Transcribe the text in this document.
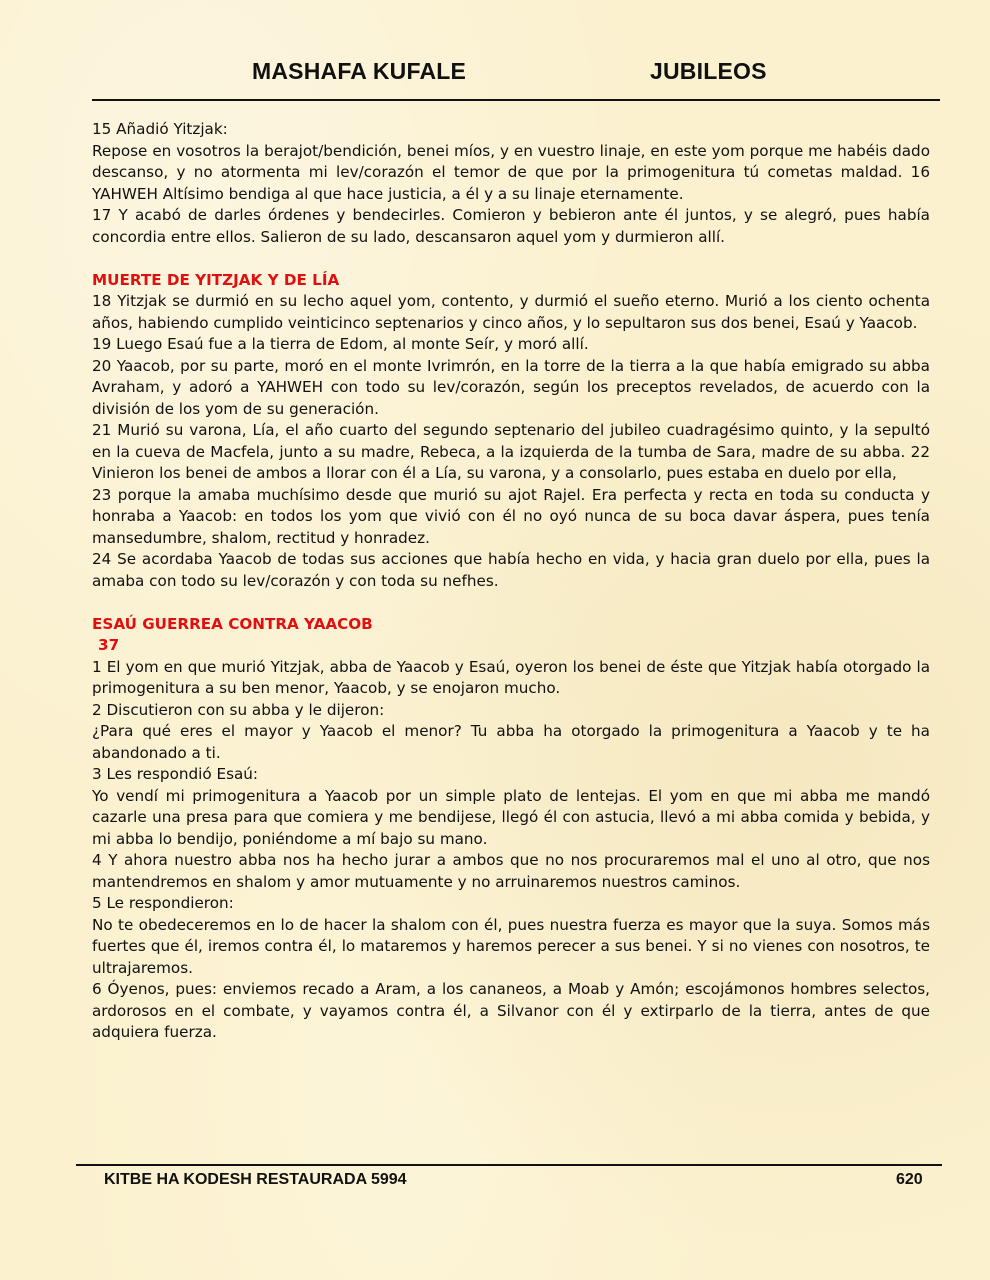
MASHAFA KUFALE	JUBILEOS

15 Añadió Yitzjak:

Repose en vosotros la berajot/bendición, benei míos, y en vuestro linaje, en este yom porque me habéis dado descanso, y no atormenta mi lev/corazón el temor de que por la primogenitura tú cometas maldad. 16 YAHWEH Altísimo bendiga al que hace justicia, a él y a su linaje eternamente.

17 Y acabó de darles órdenes y bendecirles. Comieron y bebieron ante él juntos, y se alegró, pues había concordia entre ellos. Salieron de su lado, descansaron aquel yom y durmieron allí.

MUERTE DE YITZJAK Y DE LÍA

18 Yitzjak se durmió en su lecho aquel yom, contento, y durmió el sueño eterno. Murió a los ciento ochenta años, habiendo cumplido veinticinco septenarios y cinco años, y lo sepultaron sus dos benei, Esaú y Yaacob.

19 Luego Esaú fue a la tierra de Edom, al monte Seír, y moró allí.

20 Yaacob, por su parte, moró en el monte Ivrimrón, en la torre de la tierra a la que había emigrado su abba Avraham, y adoró a YAHWEH con todo su lev/corazón, según los preceptos revelados, de acuerdo con la división de los yom de su generación.

21 Murió su varona, Lía, el año cuarto del segundo septenario del jubileo cuadragésimo quinto, y la sepultó en la cueva de Macfela, junto a su madre, Rebeca, a la izquierda de la tumba de Sara, madre de su abba. 22 Vinieron los benei de ambos a llorar con él a Lía, su varona, y a consolarlo, pues estaba en duelo por ella,

23 porque la amaba muchísimo desde que murió su ajot Rajel. Era perfecta y recta en toda su conducta y honraba a Yaacob: en todos los yom que vivió con él no oyó nunca de su boca davar áspera, pues tenía mansedumbre, shalom, rectitud y honradez.

24 Se acordaba Yaacob de todas sus acciones que había hecho en vida, y hacia gran duelo por ella, pues la amaba con todo su lev/corazón y con toda su nefhes.

ESAÚ GUERREA CONTRA YAACOB

37

1 El yom en que murió Yitzjak, abba de Yaacob y Esaú, oyeron los benei de éste que Yitzjak había otorgado la primogenitura a su ben menor, Yaacob, y se enojaron mucho.

2 Discutieron con su abba y le dijeron:

¿Para qué eres el mayor y Yaacob el menor? Tu abba ha otorgado la primogenitura a Yaacob y te ha abandonado a ti.

3 Les respondió Esaú:

Yo vendí mi primogenitura a Yaacob por un simple plato de lentejas. El yom en que mi abba me mandó cazarle una presa para que comiera y me bendijese, llegó él con astucia, llevó a mi abba comida y bebida, y mi abba lo bendijo, poniéndome a mí bajo su mano.

4 Y ahora nuestro abba nos ha hecho jurar a ambos que no nos procuraremos mal el uno al otro, que nos mantendremos en shalom y amor mutuamente y no arruinaremos nuestros caminos.

5 Le respondieron:

No te obedeceremos en lo de hacer la shalom con él, pues nuestra fuerza es mayor que la suya. Somos más fuertes que él, iremos contra él, lo mataremos y haremos perecer a sus benei. Y si no vienes con nosotros, te ultrajaremos.

6 Óyenos, pues: enviemos recado a Aram, a los cananeos, a Moab y Amón; escojámonos hombres selectos, ardorosos en el combate, y vayamos contra él, a Silvanor con él y extirparlo de la tierra, antes de que adquiera fuerza.

KITBE HA KODESH RESTAURADA 5994	620
